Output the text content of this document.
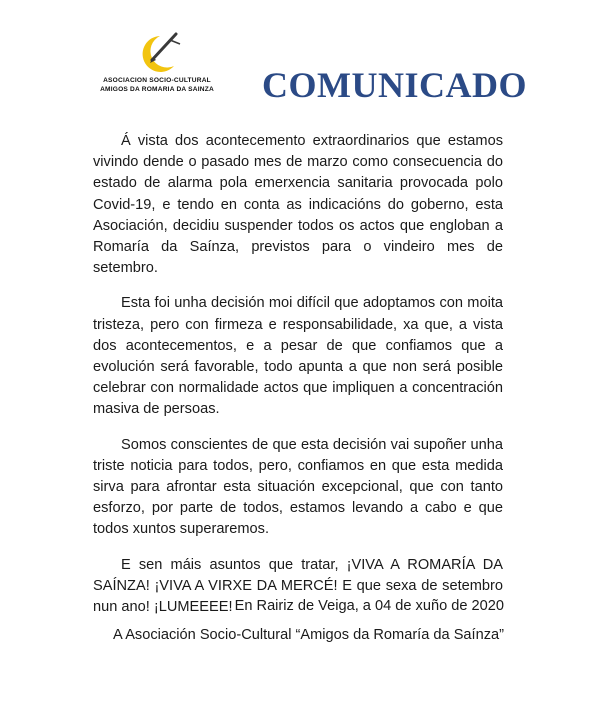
ASOCIACION SOCIO-CULTURAL
AMIGOS DA ROMARIA DA SAINZA COMUNICADO

Á vista dos acontecemento extraordinarios que estamos vivindo dende o pasado mes de marzo como consecuencia do estado de alarma pola emerxencia sanitaria provocada polo Covid-19, e tendo en conta as indicacións do goberno, esta Asociación, decidiu suspender todos os actos que engloban a Romaría da Saínza, previstos para o vindeiro mes de setembro.

Esta foi unha decisión moi difícil que adoptamos con moita tristeza, pero con firmeza e responsabilidade, xa que, a vista dos acontecementos, e a pesar de que confiamos que a evolución será favorable, todo apunta a que non será posible celebrar con normalidade actos que impliquen a concentración masiva de persoas.

Somos conscientes de que esta decisión vai supoñer unha triste noticia para todos, pero, confiamos en que esta medida sirva para afrontar esta situación excepcional, que con tanto esforzo, por parte de todos, estamos levando a cabo e que todos xuntos superaremos.

E sen máis asuntos que tratar, ¡VIVA A ROMARÍA DA SAÍNZA! ¡VIVA A VIRXE DA MERCÉ! E que sexa de setembro nun ano! ¡LUMEEEE! En Rairiz de Veiga, a 04 de xuño de 2020
A Asociación Socio-Cultural “Amigos da Romaría da Saínza”
